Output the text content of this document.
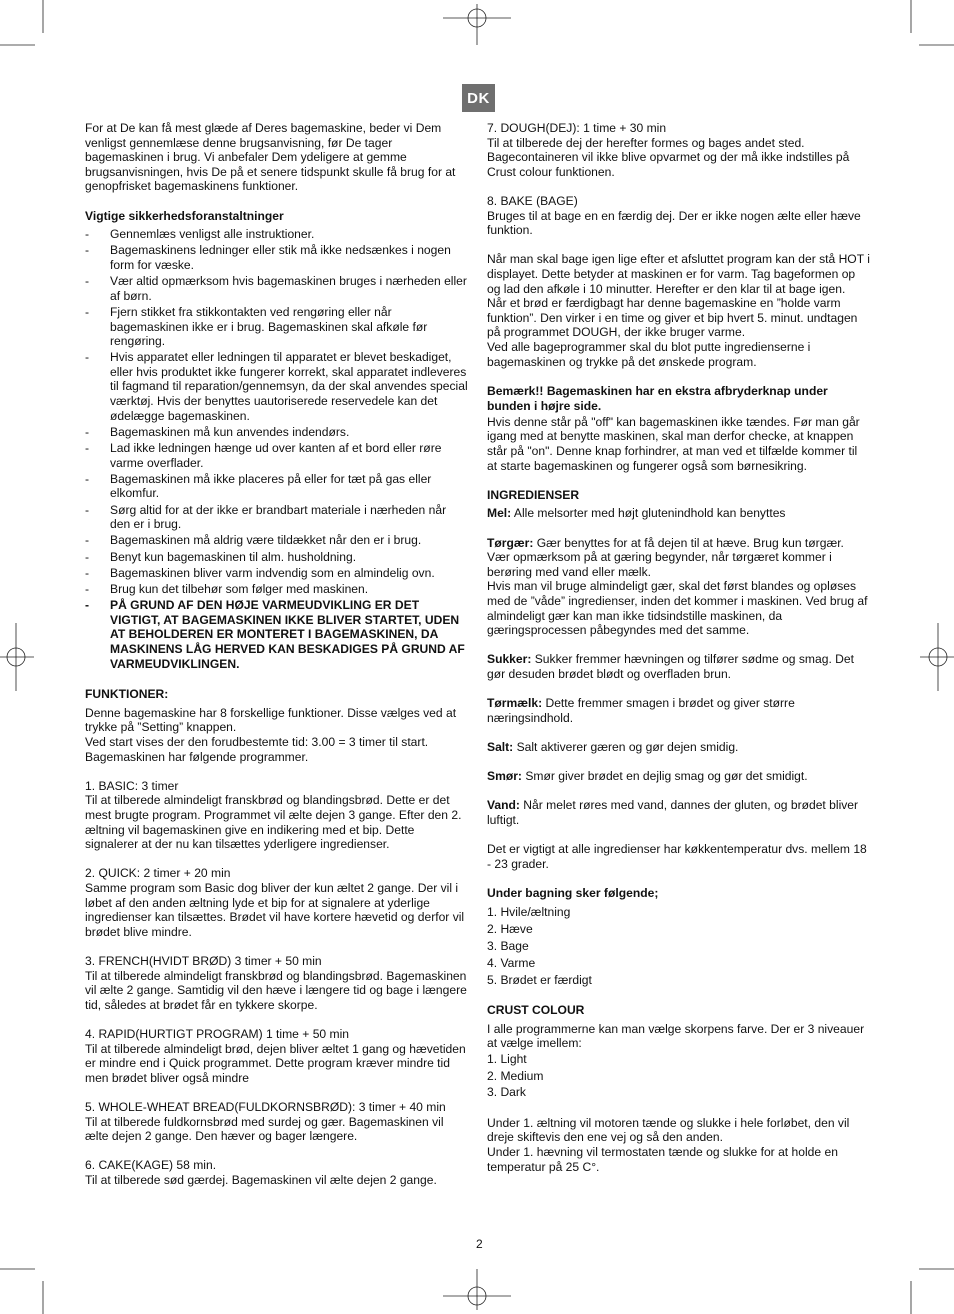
DK

For at De kan få mest glæde af Deres bagemaskine, beder vi Dem venligst gennemlæse denne brugsanvisning, før De tager bagemaskinen i brug. Vi anbefaler Dem ydeligere at gemme brugsanvisningen, hvis De på et senere tidspunkt skulle få brug for at genopfrisket bagemaskinens funktioner.

Vigtige sikkerhedsforanstaltninger

- Gennemlæs venligst alle instruktioner.
- Bagemaskinens ledninger eller stik må ikke nedsænkes i nogen form for væske.
- Vær altid opmærksom hvis bagemaskinen bruges i nærheden eller af børn.
- Fjern stikket fra stikkontakten ved rengøring eller når bagemaskinen ikke er i brug. Bagemaskinen skal afkøle før rengøring.
- Hvis apparatet eller ledningen til apparatet er blevet beskadiget, eller hvis produktet ikke fungerer korrekt, skal apparatet indleveres til fagmand til reparation/gennemsyn, da der skal anvendes special værktøj. Hvis der benyttes uautoriserede reservedele kan det ødelægge bagemaskinen.
- Bagemaskinen må kun anvendes indendørs.
- Lad ikke ledningen hænge ud over kanten af et bord eller røre varme overflader.
- Bagemaskinen må ikke placeres på eller for tæt på gas eller elkomfur.
- Sørg altid for at der ikke er brandbart materiale i nærheden når den er i brug.
- Bagemaskinen må aldrig være tildækket når den er i brug.
- Benyt kun bagemaskinen til alm. husholdning.
- Bagemaskinen bliver varm indvendig som en almindelig ovn.
- Brug kun det tilbehør som følger med maskinen.
- PÅ GRUND AF DEN HØJE VARMEUDVIKLING ER DET VIGTIGT, AT BAGEMASKINEN IKKE BLIVER STARTET, UDEN AT BEHOLDEREN ER MONTERET I BAGEMASKINEN, DA MASKINENS LÅG HERVED KAN BESKADIGES PÅ GRUND AF VARMEUDVIKLINGEN.

FUNKTIONER:

Denne bagemaskine har 8 forskellige funktioner. Disse vælges ved at trykke på ”Setting” knappen.

Ved start vises der den forudbestemte tid: 3.00 = 3 timer til start. Bagemaskinen har følgende programmer.

1. BASIC: 3 timer

Til at tilberede almindeligt franskbrød og blandingsbrød. Dette er det mest brugte program. Programmet vil ælte dejen 3 gange. Efter den 2. æltning vil bagemaskinen give en indikering med et bip. Dette signalerer at der nu kan tilsættes yderligere ingredienser.

2. QUICK: 2 timer + 20 min

Samme program som Basic dog bliver der kun æltet 2 gange. Der vil i løbet af den anden æltning lyde et bip for at signalere at yderlige ingredienser kan tilsættes. Brødet vil have kortere hævetid og derfor vil brødet blive mindre.

3. FRENCH(HVIDT BRØD) 3 timer + 50 min

Til at tilberede almindeligt franskbrød og blandingsbrød. Bagemaskinen vil ælte 2 gange. Samtidig vil den hæve i længere tid og bage i længere tid, således at brødet får en tykkere skorpe.

4. RAPID(HURTIGT PROGRAM) 1 time + 50 min

Til at tilberede almindeligt brød, dejen bliver æltet 1 gang og hævetiden er mindre end i Quick programmet. Dette program kræver mindre tid men brødet bliver også mindre

5. WHOLE-WHEAT BREAD(FULDKORNSBRØD): 3 timer + 40 min

Til at tilberede fuldkornsbrød med surdej og gær. Bagemaskinen vil ælte dejen 2 gange. Den hæver og bager længere.

6. CAKE(KAGE) 58 min.

Til at tilberede sød gærdej. Bagemaskinen vil ælte dejen 2 gange.

7. DOUGH(DEJ): 1 time + 30 min

Til at tilberede dej der herefter formes og bages andet sted. Bagecontaineren vil ikke blive opvarmet og der må ikke indstilles på Crust colour funktionen.

8. BAKE (BAGE)

Bruges til at bage en en færdig dej. Der er ikke nogen ælte eller hæve funktion.

Når man skal bage igen lige efter et afsluttet program kan der stå HOT i displayet. Dette betyder at maskinen er for varm. Tag bageformen op og lad den afkøle i 10 minutter. Herefter er den klar til at bage igen.

Når et brød er færdigbagt har denne bagemaskine en ”holde varm funktion”. Den virker i en time og giver et bip hvert 5. minut. undtagen på programmet DOUGH, der ikke bruger varme.

Ved alle bageprogrammer skal du blot putte ingredienserne i bagemaskinen og trykke på det ønskede program.

Bemærk!! Bagemaskinen har en ekstra afbryderknap under bunden i højre side.

Hvis denne står på "off" kan bagemaskinen ikke tændes. Før man går igang med at benytte maskinen, skal man derfor checke, at knappen står på "on". Denne knap forhindrer, at man ved et tilfælde kommer til at starte bagemaskinen og fungerer også som børnesikring.

INGREDIENSER

Mel: Alle melsorter med højt glutenindhold kan benyttes

Tørgær: Gær benyttes for at få dejen til at hæve. Brug kun tørgær. Vær opmærksom på at gæring begynder, når tørgæret kommer i berøring med vand eller mælk.

Hvis man vil bruge almindeligt gær, skal det først blandes og opløses med de ”våde” ingredienser, inden det kommer i maskinen. Ved brug af almindeligt gær kan man ikke tidsindstille maskinen, da gæringsprocessen påbegyndes med det samme.

Sukker: Sukker fremmer hævningen og tilfører sødme og smag. Det gør desuden brødet blødt og overfladen brun.

Tørmælk: Dette fremmer smagen i brødet og giver større næringsindhold.

Salt: Salt aktiverer gæren og gør dejen smidig.

Smør: Smør giver brødet en dejlig smag og gør det smidigt.

Vand: Når melet røres med vand, dannes der gluten, og brødet bliver luftigt.

Det er vigtigt at alle ingredienser har køkkentemperatur dvs. mellem 18 - 23 grader.

Under bagning sker følgende;

1. Hvile/æltning

2. Hæve

3. Bage

4. Varme

5. Brødet er færdigt

CRUST COLOUR

I alle programmerne kan man vælge skorpens farve. Der er 3 niveauer at vælge imellem:

1. Light

2. Medium

3. Dark

Under 1. æltning vil motoren tænde og slukke i hele forløbet, den vil dreje skiftevis den ene vej og så den anden.

Under 1. hævning vil termostaten tænde og slukke for at holde en temperatur på 25 C°.

2
